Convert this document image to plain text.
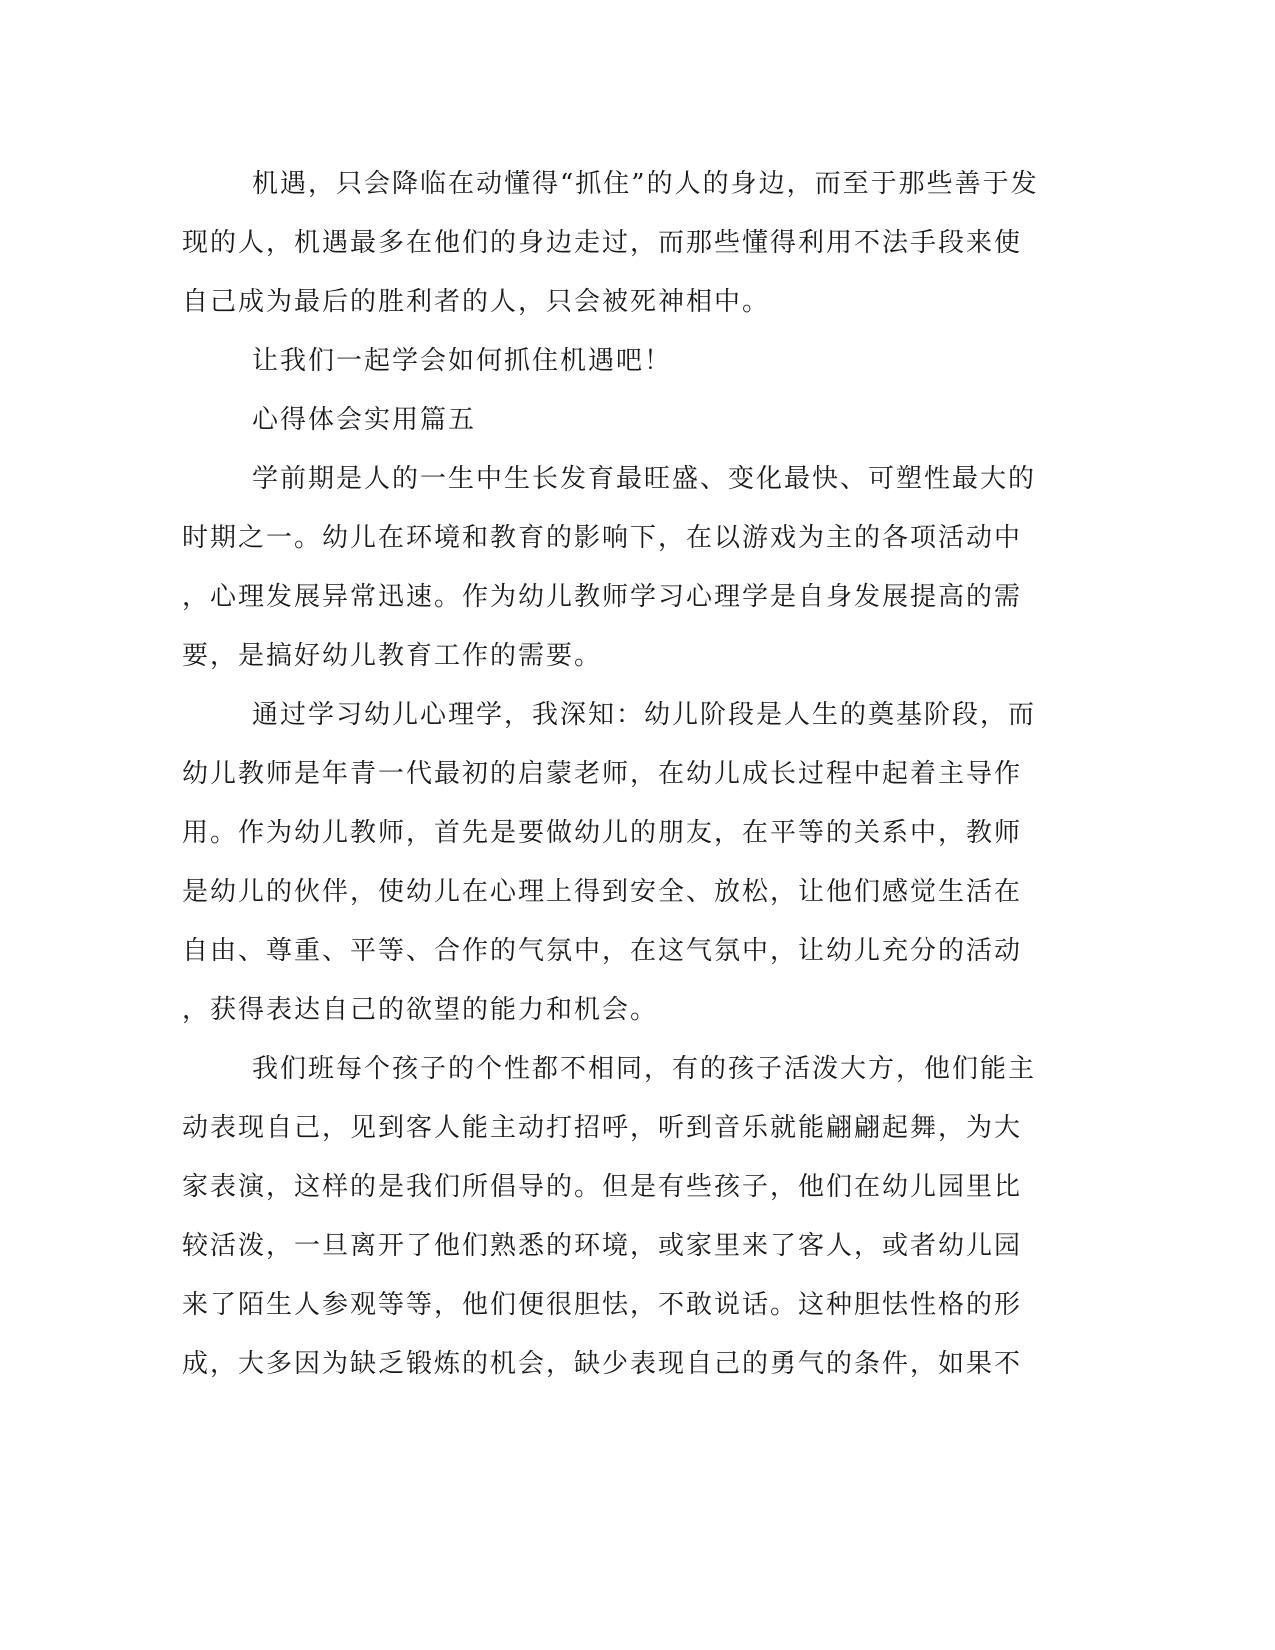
机遇，只会降临在动懂得“抓住”的人的身边，而至于那些善于发
现的人，机遇最多在他们的身边走过，而那些懂得利用不法手段来使
自己成为最后的胜利者的人，只会被死神相中。
让我们一起学会如何抓住机遇吧！
心得体会实用篇五
学前期是人的一生中生长发育最旺盛、变化最快、可塑性最大的
时期之一。幼儿在环境和教育的影响下，在以游戏为主的各项活动中
，心理发展异常迅速。作为幼儿教师学习心理学是自身发展提高的需
要，是搞好幼儿教育工作的需要。
通过学习幼儿心理学，我深知：幼儿阶段是人生的奠基阶段，而
幼儿教师是年青一代最初的启蒙老师，在幼儿成长过程中起着主导作
用。作为幼儿教师，首先是要做幼儿的朋友，在平等的关系中，教师
是幼儿的伙伴，使幼儿在心理上得到安全、放松，让他们感觉生活在
自由、尊重、平等、合作的气氛中，在这气氛中，让幼儿充分的活动
，获得表达自己的欲望的能力和机会。
我们班每个孩子的个性都不相同，有的孩子活泼大方，他们能主
动表现自己，见到客人能主动打招呼，听到音乐就能翩翩起舞，为大
家表演，这样的是我们所倡导的。但是有些孩子，他们在幼儿园里比
较活泼，一旦离开了他们熟悉的环境，或家里来了客人，或者幼儿园
来了陌生人参观等等，他们便很胆怯，不敢说话。这种胆怯性格的形
成，大多因为缺乏锻炼的机会，缺少表现自己的勇气的条件，如果不
